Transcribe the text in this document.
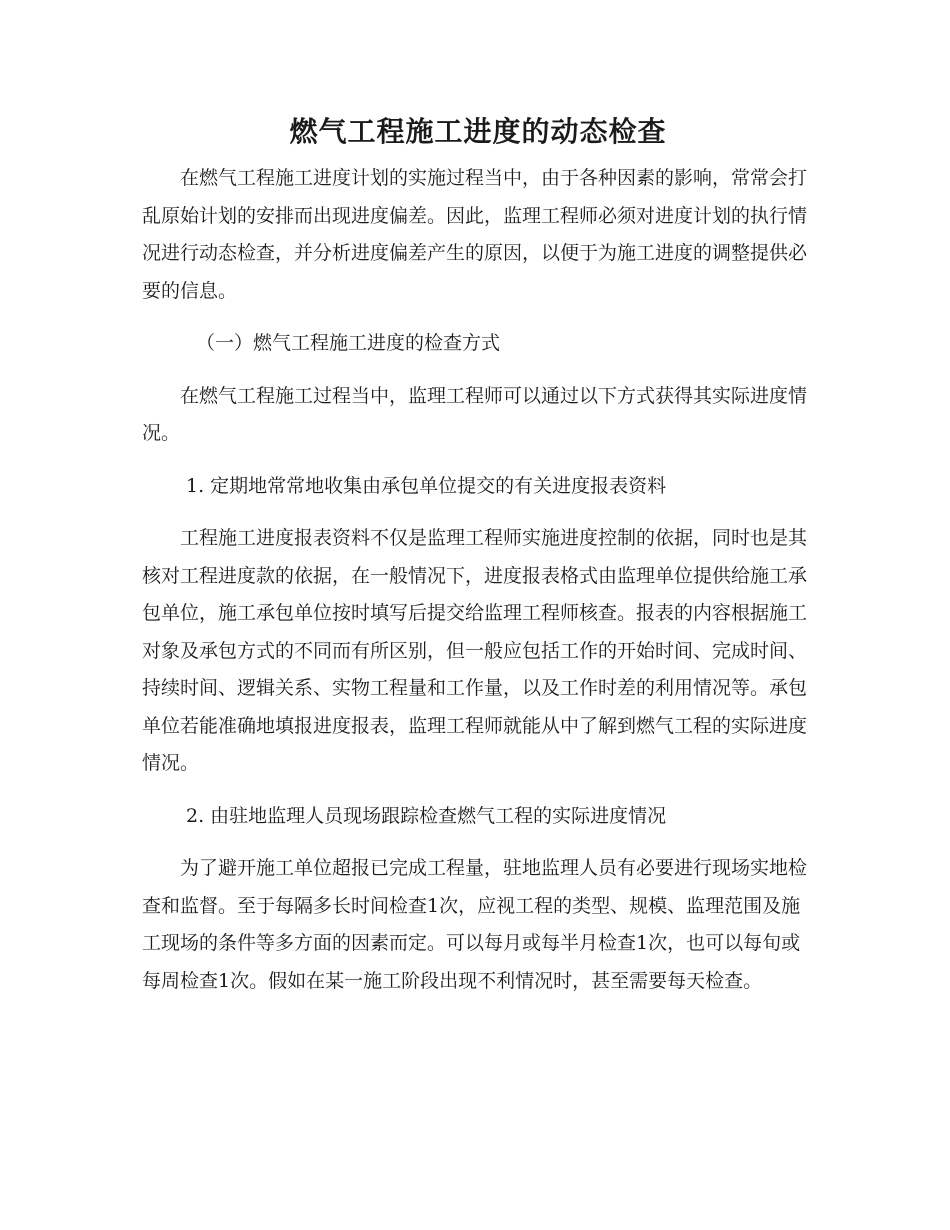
燃气工程施工进度的动态检查

在燃气工程施工进度计划的实施过程当中，由于各种因素的影响，常常会打乱原始计划的安排而出现进度偏差。因此，监理工程师必须对进度计划的执行情况进行动态检查，并分析进度偏差产生的原因，以便于为施工进度的调整提供必要的信息。

（一）燃气工程施工进度的检查方式

在燃气工程施工过程当中，监理工程师可以通过以下方式获得其实际进度情况。

1. 定期地常常地收集由承包单位提交的有关进度报表资料

工程施工进度报表资料不仅是监理工程师实施进度控制的依据，同时也是其核对工程进度款的依据，在一般情况下，进度报表格式由监理单位提供给施工承包单位，施工承包单位按时填写后提交给监理工程师核查。报表的内容根据施工对象及承包方式的不同而有所区别，但一般应包括工作的开始时间、完成时间、持续时间、逻辑关系、实物工程量和工作量，以及工作时差的利用情况等。承包单位若能准确地填报进度报表，监理工程师就能从中了解到燃气工程的实际进度情况。

2. 由驻地监理人员现场跟踪检查燃气工程的实际进度情况

为了避开施工单位超报已完成工程量，驻地监理人员有必要进行现场实地检查和监督。至于每隔多长时间检查1次，应视工程的类型、规模、监理范围及施工现场的条件等多方面的因素而定。可以每月或每半月检查1次，也可以每旬或每周检查1次。假如在某一施工阶段出现不利情况时，甚至需要每天检查。
